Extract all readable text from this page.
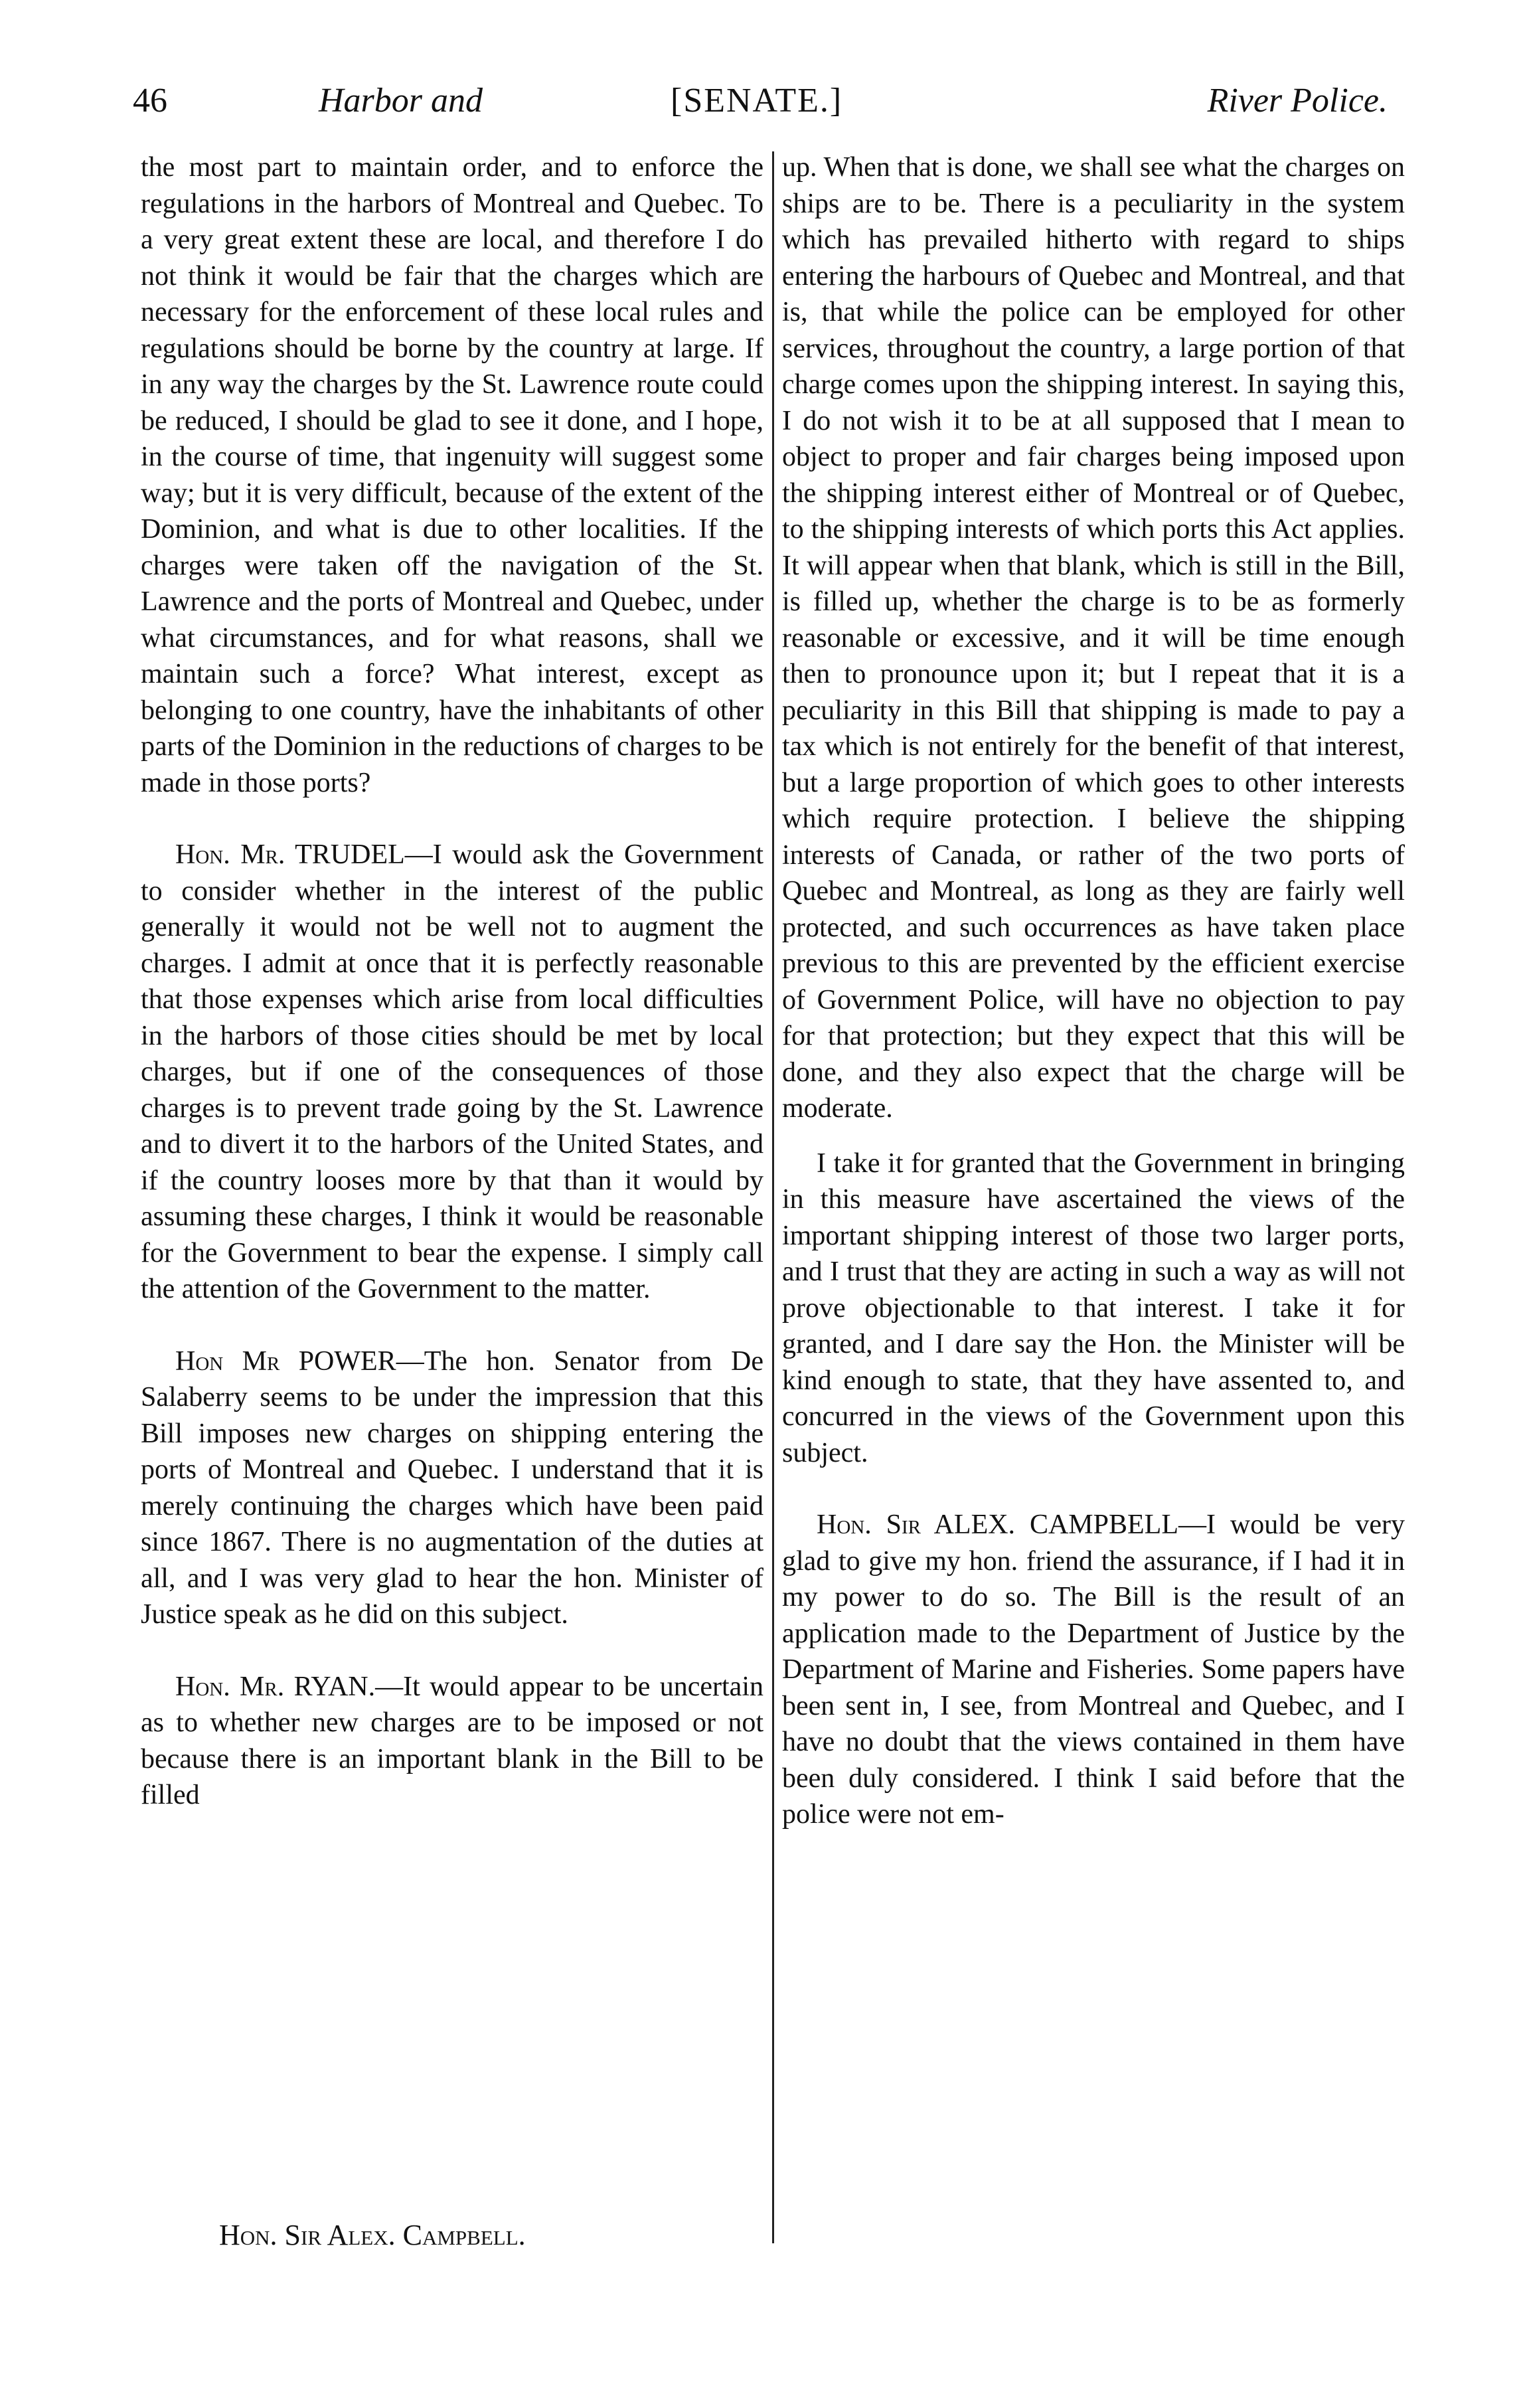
46	Harbor and	[SENATE.]	River Police.

the most part to maintain order, and to enforce the regulations in the harbors of Montreal and Quebec. To a very great extent these are local, and therefore I do not think it would be fair that the charges which are necessary for the enforcement of these local rules and regulations should be borne by the country at large. If in any way the charges by the St. Lawrence route could be reduced, I should be glad to see it done, and I hope, in the course of time, that ingenuity will suggest some way; but it is very difficult, because of the extent of the Dominion, and what is due to other localities. If the charges were taken off the navigation of the St. Lawrence and the ports of Montreal and Quebec, under what circumstances, and for what reasons, shall we maintain such a force? What interest, except as belonging to one country, have the inhabitants of other parts of the Dominion in the reductions of charges to be made in those ports?

Hon. Mr. TRUDEL—I would ask the Government to consider whether in the interest of the public generally it would not be well not to augment the charges. I admit at once that it is perfectly reasonable that those expenses which arise from local difficulties in the harbors of those cities should be met by local charges, but if one of the consequences of those charges is to prevent trade going by the St. Lawrence and to divert it to the harbors of the United States, and if the country looses more by that than it would by assuming these charges, I think it would be reasonable for the Government to bear the expense. I simply call the attention of the Government to the matter.

Hon Mr POWER—The hon. Senator from De Salaberry seems to be under the impression that this Bill imposes new charges on shipping entering the ports of Montreal and Quebec. I understand that it is merely continuing the charges which have been paid since 1867. There is no augmentation of the duties at all, and I was very glad to hear the hon. Minister of Justice speak as he did on this subject.

Hon. Mr. RYAN.—It would appear to be uncertain as to whether new charges are to be imposed or not because there is an important blank in the Bill to be filled

up. When that is done, we shall see what the charges on ships are to be. There is a peculiarity in the system which has prevailed hitherto with regard to ships entering the harbours of Quebec and Montreal, and that is, that while the police can be employed for other services, throughout the country, a large portion of that charge comes upon the shipping interest. In saying this, I do not wish it to be at all supposed that I mean to object to proper and fair charges being imposed upon the shipping interest either of Montreal or of Quebec, to the shipping interests of which ports this Act applies. It will appear when that blank, which is still in the Bill, is filled up, whether the charge is to be as formerly reasonable or excessive, and it will be time enough then to pronounce upon it; but I repeat that it is a peculiarity in this Bill that shipping is made to pay a tax which is not entirely for the benefit of that interest, but a large proportion of which goes to other interests which require protection. I believe the shipping interests of Canada, or rather of the two ports of Quebec and Montreal, as long as they are fairly well protected, and such occurrences as have taken place previous to this are prevented by the efficient exercise of Government Police, will have no objection to pay for that protection; but they expect that this will be done, and they also expect that the charge will be moderate.

I take it for granted that the Government in bringing in this measure have ascertained the views of the important shipping interest of those two larger ports, and I trust that they are acting in such a way as will not prove objectionable to that interest. I take it for granted, and I dare say the Hon. the Minister will be kind enough to state, that they have assented to, and concurred in the views of the Government upon this subject.

Hon. Sir ALEX. CAMPBELL—I would be very glad to give my hon. friend the assurance, if I had it in my power to do so. The Bill is the result of an application made to the Department of Justice by the Department of Marine and Fisheries. Some papers have been sent in, I see, from Montreal and Quebec, and I have no doubt that the views contained in them have been duly considered. I think I said before that the police were not em-

Hon. Sir Alex. Campbell.
